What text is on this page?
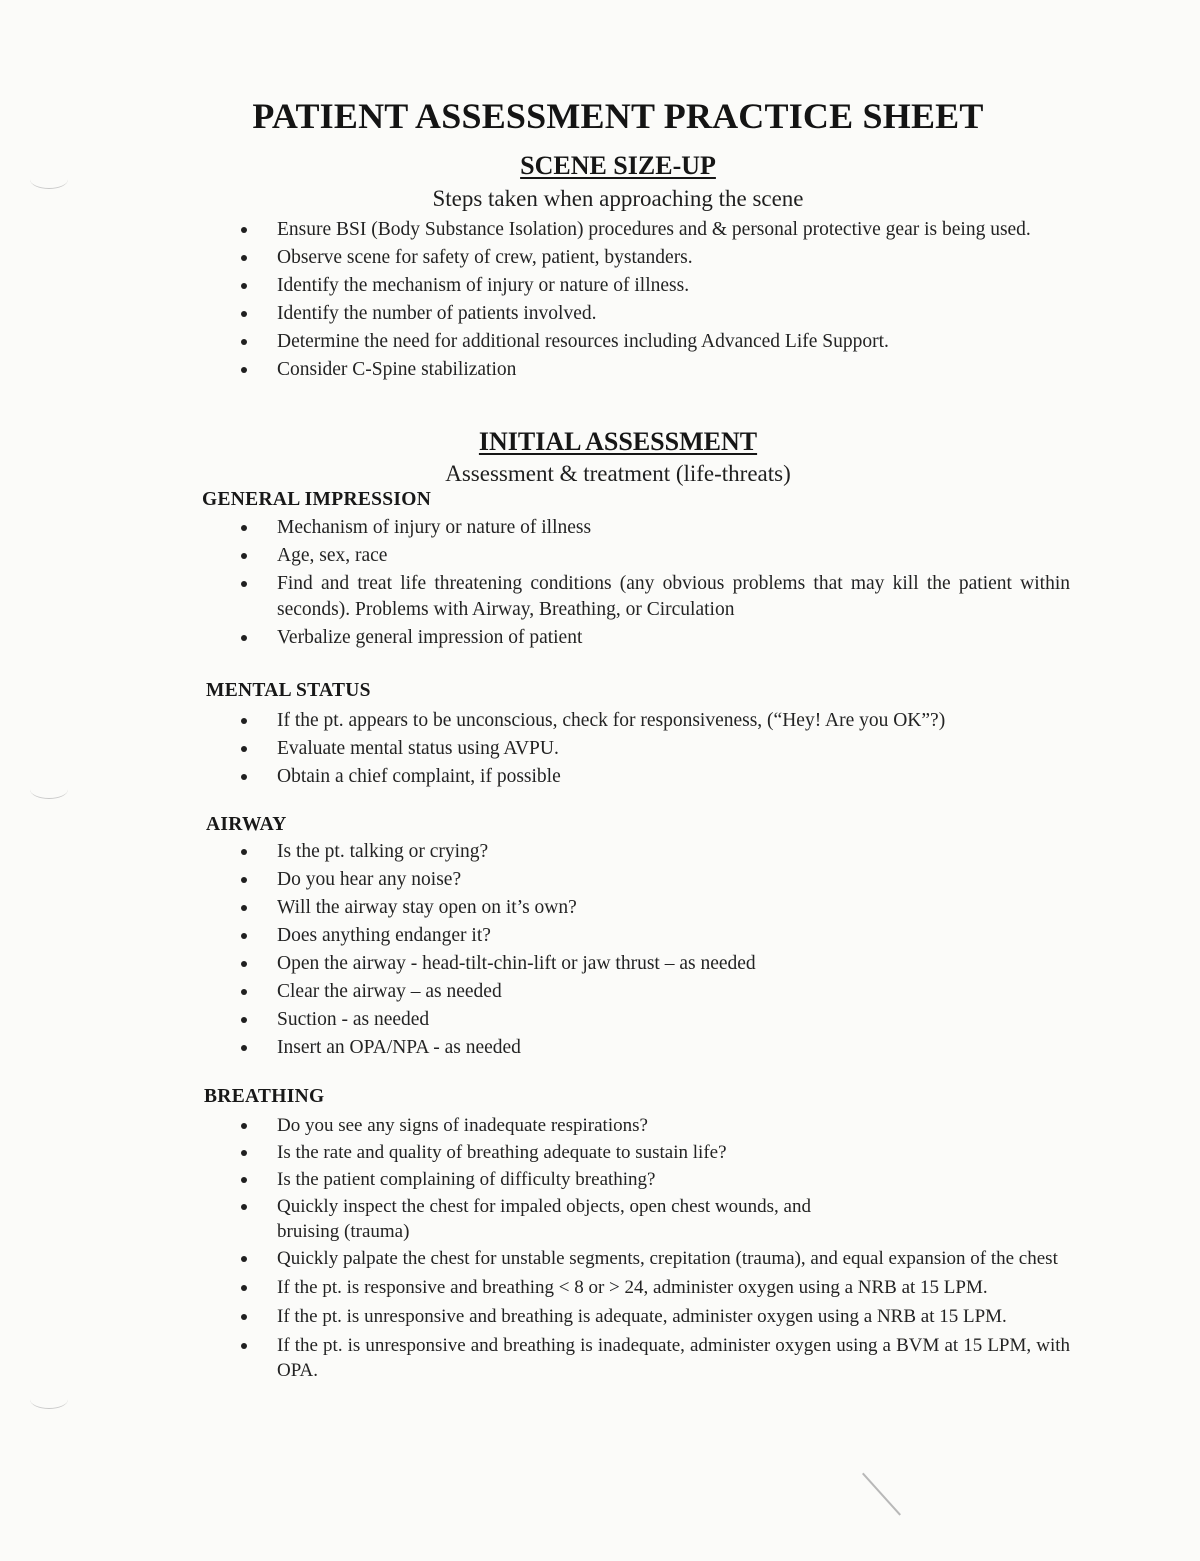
PATIENT ASSESSMENT PRACTICE SHEET
SCENE SIZE-UP
Steps taken when approaching the scene
Ensure BSI (Body Substance Isolation) procedures and & personal protective gear is being used.
Observe scene for safety of crew, patient, bystanders.
Identify the mechanism of injury or nature of illness.
Identify the number of patients involved.
Determine the need for additional resources including Advanced Life Support.
Consider C-Spine stabilization
INITIAL ASSESSMENT
Assessment & treatment (life-threats)
GENERAL IMPRESSION
Mechanism of injury or nature of illness
Age, sex, race
Find and treat life threatening conditions (any obvious problems that may kill the patient within seconds). Problems with Airway, Breathing, or Circulation
Verbalize general impression of patient
MENTAL STATUS
If the pt. appears to be unconscious, check for responsiveness, (“Hey! Are you OK”?)
Evaluate mental status using AVPU.
Obtain a chief complaint, if possible
AIRWAY
Is the pt. talking or crying?
Do you hear any noise?
Will the airway stay open on it’s own?
Does anything endanger it?
Open the airway - head-tilt-chin-lift or jaw thrust – as needed
Clear the airway – as needed
Suction - as needed
Insert an OPA/NPA - as needed
BREATHING
Do you see any signs of inadequate respirations?
Is the rate and quality of breathing adequate to sustain life?
Is the patient complaining of difficulty breathing?
Quickly inspect the chest for impaled objects, open chest wounds, and
bruising (trauma)
Quickly palpate the chest for unstable segments, crepitation (trauma), and equal expansion of the chest
If the pt. is responsive and breathing < 8 or > 24, administer oxygen using a NRB at 15 LPM.
If the pt. is unresponsive and breathing is adequate, administer oxygen using a NRB at 15 LPM.
If the pt. is unresponsive and breathing is inadequate, administer oxygen using a BVM at 15 LPM, with OPA.
